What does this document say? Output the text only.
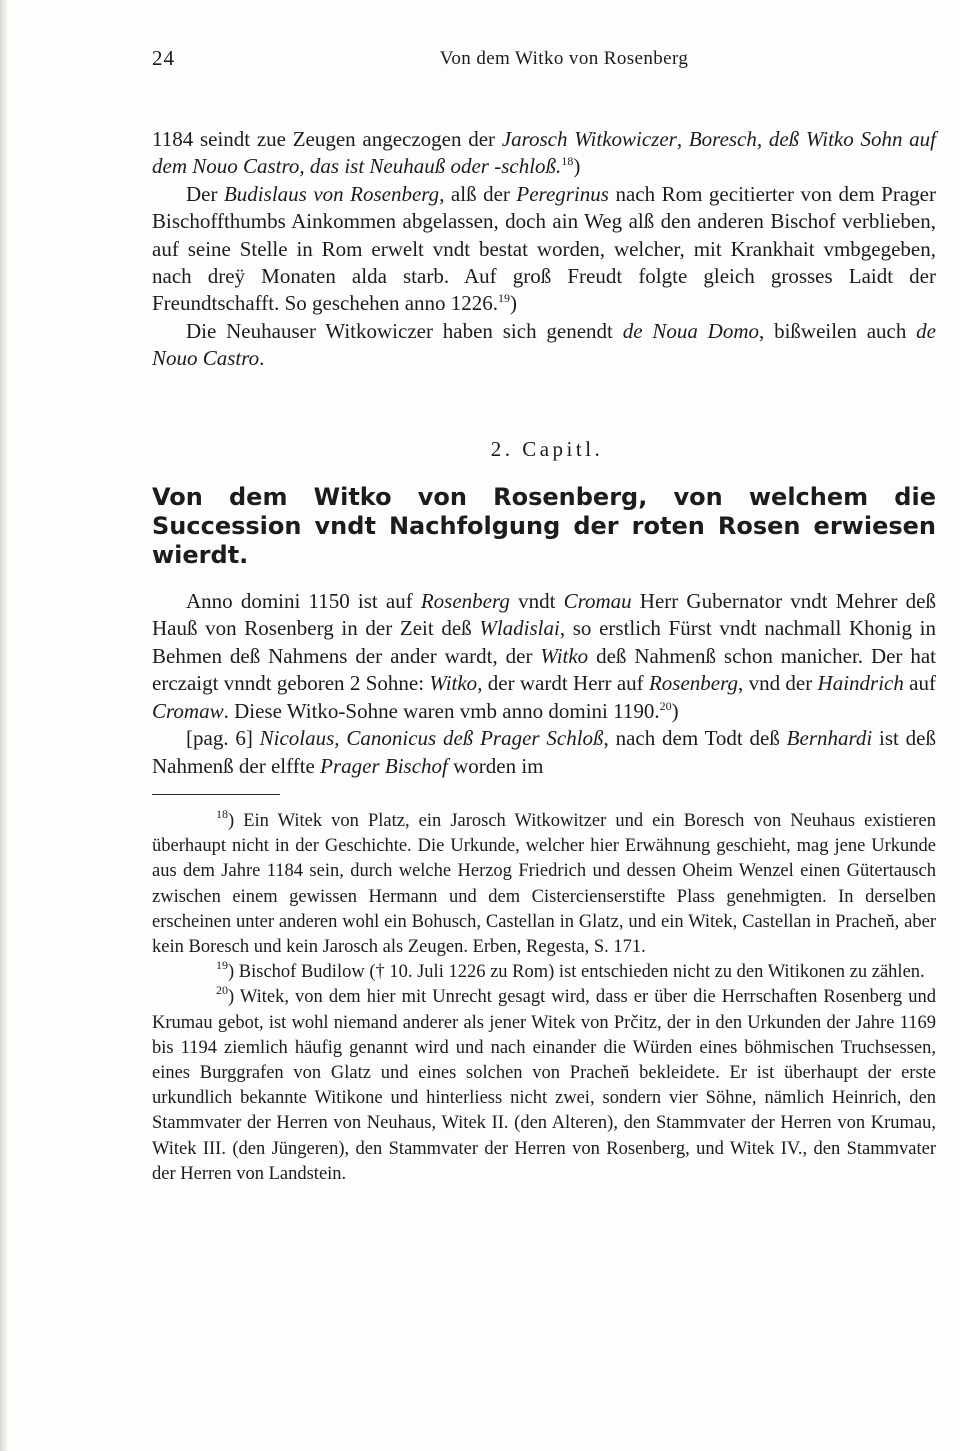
24	Von dem Witko von Rosenberg

1184 seindt zue Zeugen angeczogen der Jarosch Witkowiczer, Boresch, deß Witko Sohn auf dem Nouo Castro, das ist Neuhauß oder -schloß.$^{18}$)

Der Budislaus von Rosenberg, alß der Peregrinus nach Rom gecitierter von dem Prager Bischoffthumbs Ainkommen abgelassen, doch ain Weg alß den anderen Bischof verblieben, auf seine Stelle in Rom erwelt vndt bestat worden, welcher, mit Krankhait vmbgegeben, nach dreÿ Monaten alda starb. Auf groß Freudt folgte gleich grosses Laidt der Freundtschafft. So geschehen anno 1226.19)

Die Neuhauser Witkowiczer haben sich genendt de Noua Domo, bißweilen auch de Nouo Castro.

2. Capitl.
Von dem Witko von Rosenberg, von welchem die Succession vndt Nachfolgung der roten Rosen erwiesen wierdt.

Anno domini 1150 ist auf Rosenberg vndt Cromau Herr Gubernator vndt Mehrer deß Hauß von Rosenberg in der Zeit deß Wladislai, so erstlich Fürst vndt nachmall Khonig in Behmen deß Nahmens der ander wardt, der Witko deß Nahmenß schon manicher. Der hat erczaigt vnndt geboren 2 Sohne: Witko, der wardt Herr auf Rosenberg, vnd der Haindrich auf Cromaw. Diese Witko-Sohne waren vmb anno domini 1190.20)

[pag. 6] Nicolaus, Canonicus deß Prager Schloß, nach dem Todt deß Bernhardi ist deß Nahmenß der elffte Prager Bischof worden im

$^{18}$) Ein Witek von Platz, ein Jarosch Witkowitzer und ein Boresch von Neuhaus existieren überhaupt nicht in der Geschichte. Die Urkunde, welcher hier Erwähnung geschieht, mag jene Urkunde aus dem Jahre 1184 sein, durch welche Herzog Friedrich und dessen Oheim Wenzel einen Gütertausch zwischen einem gewissen Hermann und dem Cistercienserstifte Plass genehmigten. In derselben erscheinen unter anderen wohl ein Bohusch, Castellan in Glatz, und ein Witek, Castellan in Prachen̆, aber kein Boresch und kein Jarosch als Zeugen. Erben, Regesta, S. 171.

$^{19}$) Bischof Budilow († 10. Juli 1226 zu Rom) ist entschieden nicht zu den Witikonen zu zählen.

$^{20}$) Witek, von dem hier mit Unrecht gesagt wird, dass er über die Herrschaften Rosenberg und Krumau gebot, ist wohl niemand anderer als jener Witek von Prčitz, der in den Urkunden der Jahre 1169 bis 1194 ziemlich häufig genannt wird und nach einander die Würden eines böhmischen Truchsessen, eines Burggrafen von Glatz und eines solchen von Prachen̆ bekleidete. Er ist überhaupt der erste urkundlich bekannte Witikone und hinterliess nicht zwei, sondern vier Söhne, nämlich Heinrich, den Stammvater der Herren von Neuhaus, Witek II. (den Alteren), den Stammvater der Herren von Krumau, Witek III. (den Jüngeren), den Stammvater der Herren von Rosenberg, und Witek IV., den Stammvater der Herren von Landstein.
